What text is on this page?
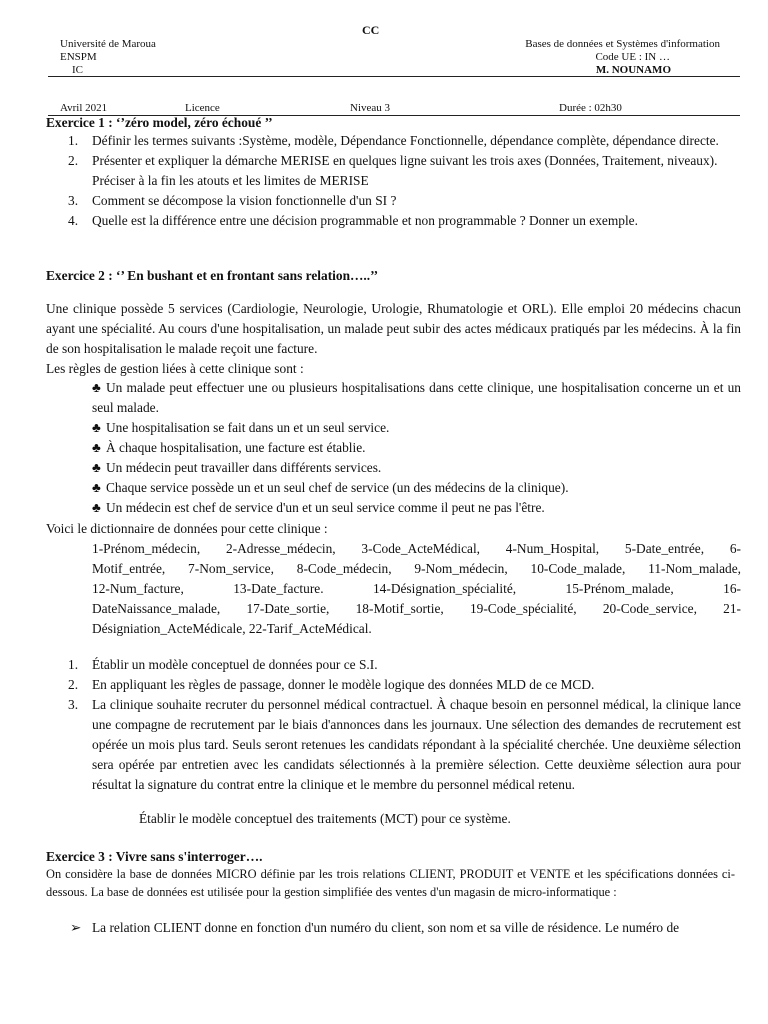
CC
Université de Maroua
ENSPM
IC
Bases de données et Systèmes d'information
Code UE : IN …
M. NOUNAMO
Avril 2021	Licence	Niveau 3	Durée : 02h30
Exercice 1 : ‘’zéro model, zéro échoué ’’
1. Définir les termes suivants :Système, modèle, Dépendance Fonctionnelle, dépendance complète, dépendance directe.
2. Présenter et expliquer la démarche MERISE en quelques ligne suivant les trois axes (Données, Traitement, niveaux). Préciser à la fin les atouts et les limites de MERISE
3. Comment se décompose la vision fonctionnelle d'un SI ?
4. Quelle est la différence entre une décision programmable et non programmable ? Donner un exemple.
Exercice 2 : ‘’ En bushant et en frontant sans relation…..’’
Une clinique possède 5 services (Cardiologie, Neurologie, Urologie, Rhumatologie et ORL). Elle emploi 20 médecins chacun ayant une spécialité. Au cours d'une hospitalisation, un malade peut subir des actes médicaux pratiqués par les médecins. À la fin de son hospitalisation le malade reçoit une facture.
Les règles de gestion liées à cette clinique sont :
♣ Un malade peut effectuer une ou plusieurs hospitalisations dans cette clinique, une hospitalisation concerne un et un seul malade.
♣ Une hospitalisation se fait dans un et un seul service.
♣ À chaque hospitalisation, une facture est établie.
♣ Un médecin peut travailler dans différents services.
♣ Chaque service possède un et un seul chef de service (un des médecins de la clinique).
♣ Un médecin est chef de service d'un et un seul service comme il peut ne pas l'être.
Voici le dictionnaire de données pour cette clinique :
1-Prénom_médecin, 2-Adresse_médecin, 3-Code_ActeMédical, 4-Num_Hospital, 5-Date_entrée, 6-
Motif_entrée, 7-Nom_service, 8-Code_médecin, 9-Nom_médecin, 10-Code_malade, 11-Nom_malade,
12-Num_facture, 13-Date_facture. 14-Désignation_spécialité, 15-Prénom_malade, 16-
DateNaissance_malade, 17-Date_sortie, 18-Motif_sortie, 19-Code_spécialité, 20-Code_service, 21-
Désigniation_ActeMédicale, 22-Tarif_ActeMédical.
1. Établir un modèle conceptuel de données pour ce S.I.
2. En appliquant les règles de passage, donner le modèle logique des données MLD de ce MCD.
3. La clinique souhaite recruter du personnel médical contractuel. À chaque besoin en personnel médical, la clinique lance une compagne de recrutement par le biais d'annonces dans les journaux. Une sélection des demandes de recrutement est opérée un mois plus tard. Seuls seront retenues les candidats répondant à la spécialité cherchée. Une deuxième sélection sera opérée par entretien avec les candidats sélectionnés à la première sélection. Cette deuxième sélection aura pour résultat la signature du contrat entre la clinique et le membre du personnel médical retenu.
Établir le modèle conceptuel des traitements (MCT) pour ce système.
Exercice 3 : Vivre sans s'interroger….
On considère la base de données MICRO définie par les trois relations CLIENT, PRODUIT et VENTE et les spécifications données ci-dessous. La base de données est utilisée pour la gestion simplifiée des ventes d'un magasin de micro-informatique :
➢ La relation CLIENT donne en fonction d'un numéro du client, son nom et sa ville de résidence. Le numéro de
